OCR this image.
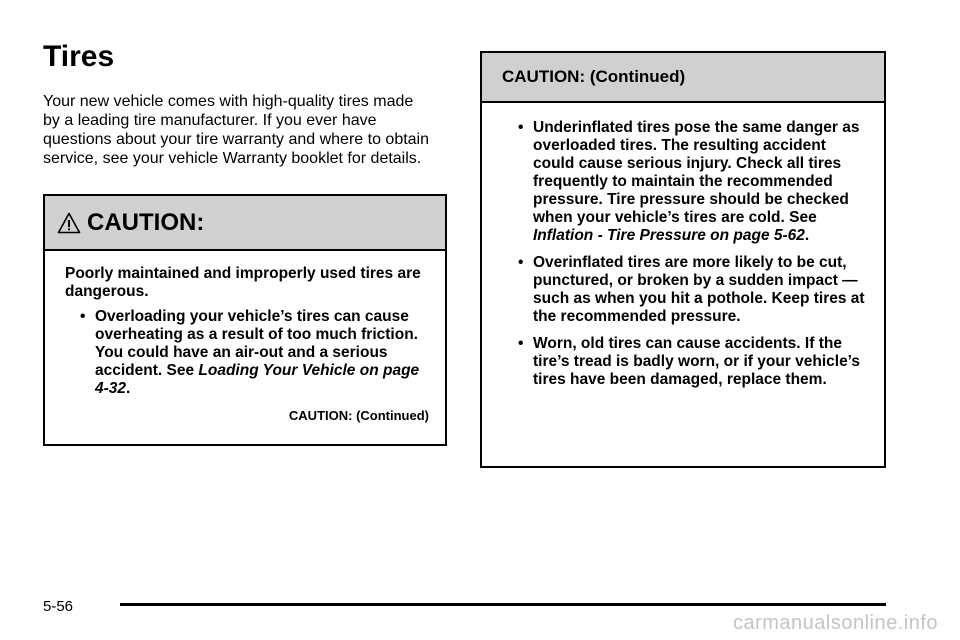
Tires

Your new vehicle comes with high-quality tires made by a leading tire manufacturer. If you ever have questions about your tire warranty and where to obtain service, see your vehicle Warranty booklet for details.

CAUTION:

Poorly maintained and improperly used tires are dangerous.

• Overloading your vehicle’s tires can cause overheating as a result of too much friction. You could have an air-out and a serious accident. See Loading Your Vehicle on page 4-32.
CAUTION: (Continued)
CAUTION: (Continued)
• Underinflated tires pose the same danger as overloaded tires. The resulting accident could cause serious injury. Check all tires frequently to maintain the recommended pressure. Tire pressure should be checked when your vehicle’s tires are cold. See Inflation - Tire Pressure on page 5-62.
• Overinflated tires are more likely to be cut, punctured, or broken by a sudden impact — such as when you hit a pothole. Keep tires at the recommended pressure.
• Worn, old tires can cause accidents. If the tire’s tread is badly worn, or if your vehicle’s tires have been damaged, replace them.
5-56
carmanualsonline.info
